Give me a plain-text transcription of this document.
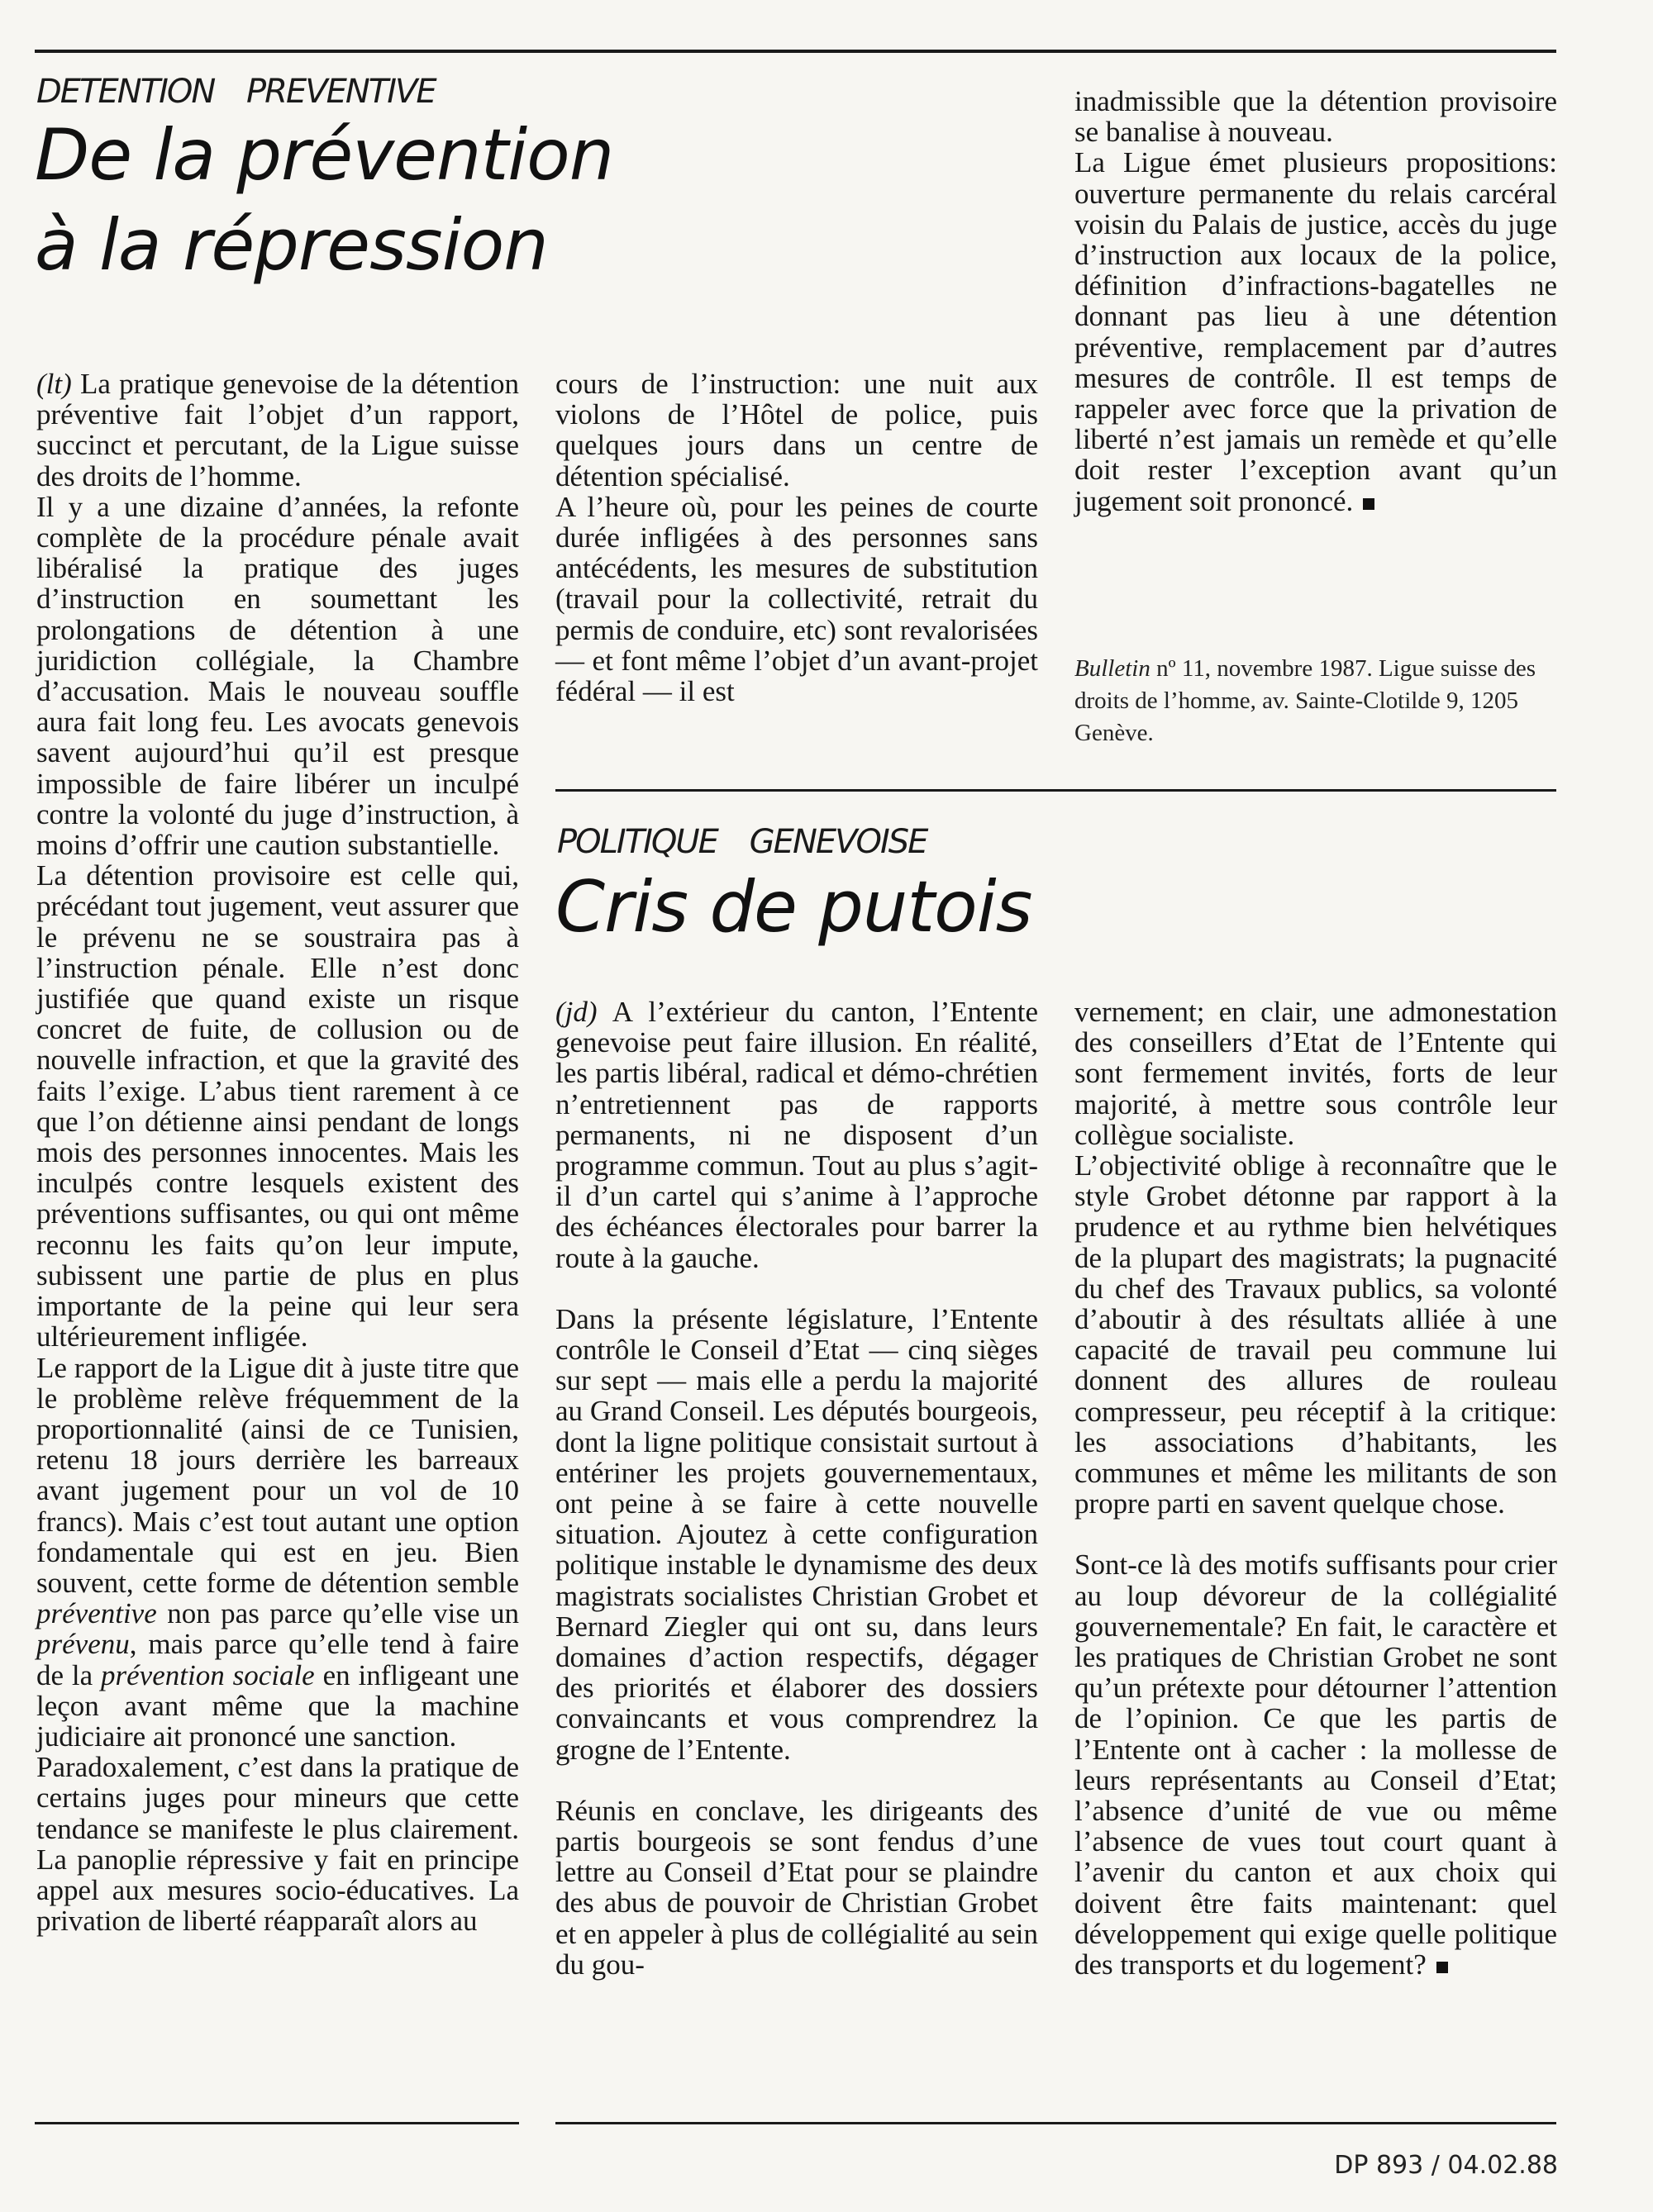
DETENTION PREVENTIVE
De la prévention
à la répression

(lt) La pratique genevoise de la détention préventive fait l’objet d’un rapport, succinct et percutant, de la Ligue suisse des droits de l’homme.

Il y a une dizaine d’années, la refonte complète de la procédure pénale avait libéralisé la pratique des juges d’instruction en soumettant les prolongations de détention à une juridiction collégiale, la Chambre d’accusation. Mais le nouveau souffle aura fait long feu. Les avocats genevois savent aujourd’hui qu’il est presque impossible de faire libérer un inculpé contre la volonté du juge d’instruction, à moins d’offrir une caution substantielle.

La détention provisoire est celle qui, précédant tout jugement, veut assurer que le prévenu ne se soustraira pas à l’instruction pénale. Elle n’est donc justifiée que quand existe un risque concret de fuite, de collusion ou de nouvelle infraction, et que la gravité des faits l’exige. L’abus tient rarement à ce que l’on détienne ainsi pendant de longs mois des personnes innocentes. Mais les inculpés contre lesquels existent des préventions suffisantes, ou qui ont même reconnu les faits qu’on leur impute, subissent une partie de plus en plus importante de la peine qui leur sera ultérieurement infligée.

Le rapport de la Ligue dit à juste titre que le problème relève fréquemment de la proportionnalité (ainsi de ce Tunisien, retenu 18 jours derrière les barreaux avant jugement pour un vol de 10 francs). Mais c’est tout autant une option fondamentale qui est en jeu. Bien souvent, cette forme de détention semble préventive non pas parce qu’elle vise un prévenu, mais parce qu’elle tend à faire de la prévention sociale en infligeant une leçon avant même que la machine judiciaire ait prononcé une sanction.

Paradoxalement, c’est dans la pratique de certains juges pour mineurs que cette tendance se manifeste le plus clairement. La panoplie répressive y fait en principe appel aux mesures socio-éducatives. La privation de liberté réapparaît alors au

cours de l’instruction: une nuit aux violons de l’Hôtel de police, puis quelques jours dans un centre de détention spécialisé.

A l’heure où, pour les peines de courte durée infligées à des personnes sans antécédents, les mesures de substitution (travail pour la collectivité, retrait du permis de conduire, etc) sont revalorisées — et font même l’objet d’un avant-projet fédéral — il est

inadmissible que la détention provisoire se banalise à nouveau.

La Ligue émet plusieurs propositions: ouverture permanente du relais carcéral voisin du Palais de justice, accès du juge d’instruction aux locaux de la police, définition d’infractions-bagatelles ne donnant pas lieu à une détention préventive, remplacement par d’autres mesures de contrôle. Il est temps de rappeler avec force que la privation de liberté n’est jamais un remède et qu’elle doit rester l’exception avant qu’un jugement soit prononcé.

Bulletin nº 11, novembre 1987. Ligue suisse des droits de l’homme, av. Sainte-Clotilde 9, 1205 Genève.

POLITIQUE GENEVOISE
Cris de putois

(jd) A l’extérieur du canton, l’Entente genevoise peut faire illusion. En réalité, les partis libéral, radical et démo-chrétien n’entretiennent pas de rapports permanents, ni ne disposent d’un programme commun. Tout au plus s’agit-il d’un cartel qui s’anime à l’approche des échéances électorales pour barrer la route à la gauche.

Dans la présente législature, l’Entente contrôle le Conseil d’Etat — cinq sièges sur sept — mais elle a perdu la majorité au Grand Conseil. Les députés bourgeois, dont la ligne politique consistait surtout à entériner les projets gouvernementaux, ont peine à se faire à cette nouvelle situation. Ajoutez à cette configuration politique instable le dynamisme des deux magistrats socialistes Christian Grobet et Bernard Ziegler qui ont su, dans leurs domaines d’action respectifs, dégager des priorités et élaborer des dossiers convaincants et vous comprendrez la grogne de l’Entente.

Réunis en conclave, les dirigeants des partis bourgeois se sont fendus d’une lettre au Conseil d’Etat pour se plaindre des abus de pouvoir de Christian Grobet et en appeler à plus de collégialité au sein du gou-

vernement; en clair, une admonestation des conseillers d’Etat de l’Entente qui sont fermement invités, forts de leur majorité, à mettre sous contrôle leur collègue socialiste.

L’objectivité oblige à reconnaître que le style Grobet détonne par rapport à la prudence et au rythme bien helvétiques de la plupart des magistrats; la pugnacité du chef des Travaux publics, sa volonté d’aboutir à des résultats alliée à une capacité de travail peu commune lui donnent des allures de rouleau compresseur, peu réceptif à la critique: les associations d’habitants, les communes et même les militants de son propre parti en savent quelque chose.

Sont-ce là des motifs suffisants pour crier au loup dévoreur de la collégialité gouvernementale? En fait, le caractère et les pratiques de Christian Grobet ne sont qu’un prétexte pour détourner l’attention de l’opinion. Ce que les partis de l’Entente ont à cacher : la mollesse de leurs représentants au Conseil d’Etat; l’absence d’unité de vue ou même l’absence de vues tout court quant à l’avenir du canton et aux choix qui doivent être faits maintenant: quel développement qui exige quelle politique des transports et du logement?

DP 893 / 04.02.88
